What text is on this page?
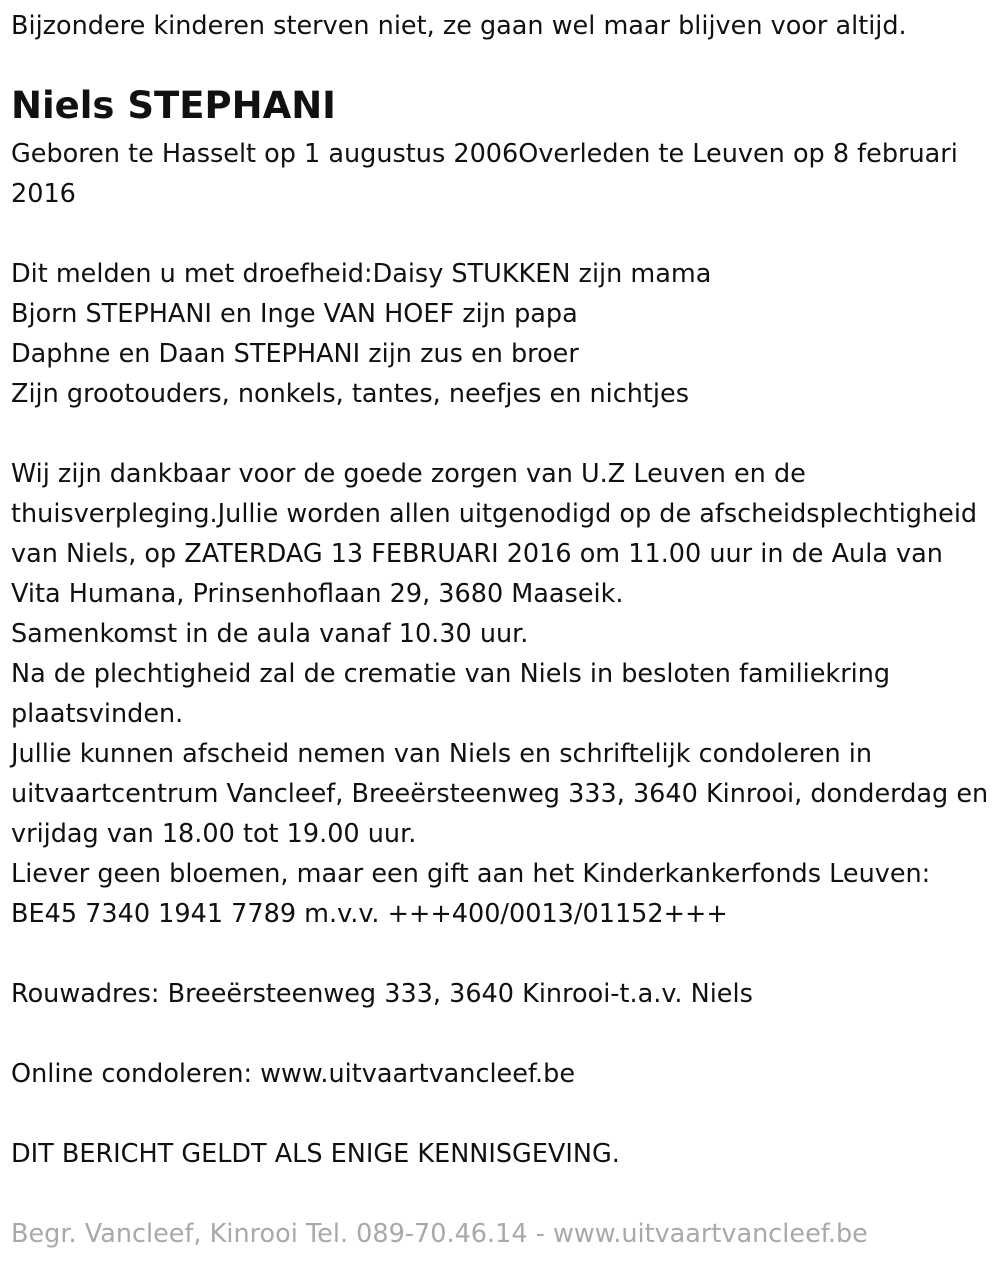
Bijzondere kinderen sterven niet, ze gaan wel maar blijven voor altijd.

Niels STEPHANI

Geboren te Hasselt op 1 augustus 2006Overleden te Leuven op 8 februari 2016

Dit melden u met droefheid:Daisy STUKKEN zijn mama

Bjorn STEPHANI en Inge VAN HOEF zijn papa

Daphne en Daan STEPHANI zijn zus en broer

Zijn grootouders, nonkels, tantes, neefjes en nichtjes

Wij zijn dankbaar voor de goede zorgen van U.Z Leuven en de thuisverpleging.Jullie worden allen uitgenodigd op de afscheidsplechtigheid van Niels, op ZATERDAG 13 FEBRUARI 2016 om 11.00 uur in de Aula van Vita Humana, Prinsenhoflaan 29, 3680 Maaseik.

Samenkomst in de aula vanaf 10.30 uur.

Na de plechtigheid zal de crematie van Niels in besloten familiekring plaatsvinden.

Jullie kunnen afscheid nemen van Niels en schriftelijk condoleren in uitvaartcentrum Vancleef, Breeërsteenweg 333, 3640 Kinrooi, donderdag en vrijdag van 18.00 tot 19.00 uur.

Liever geen bloemen, maar een gift aan het Kinderkankerfonds Leuven: BE45 7340 1941 7789 m.v.v. +++400/0013/01152+++

Rouwadres: Breeërsteenweg 333, 3640 Kinrooi-t.a.v. Niels

Online condoleren: www.uitvaartvancleef.be

DIT BERICHT GELDT ALS ENIGE KENNISGEVING.

Begr. Vancleef, Kinrooi Tel. 089-70.46.14 - www.uitvaartvancleef.be
